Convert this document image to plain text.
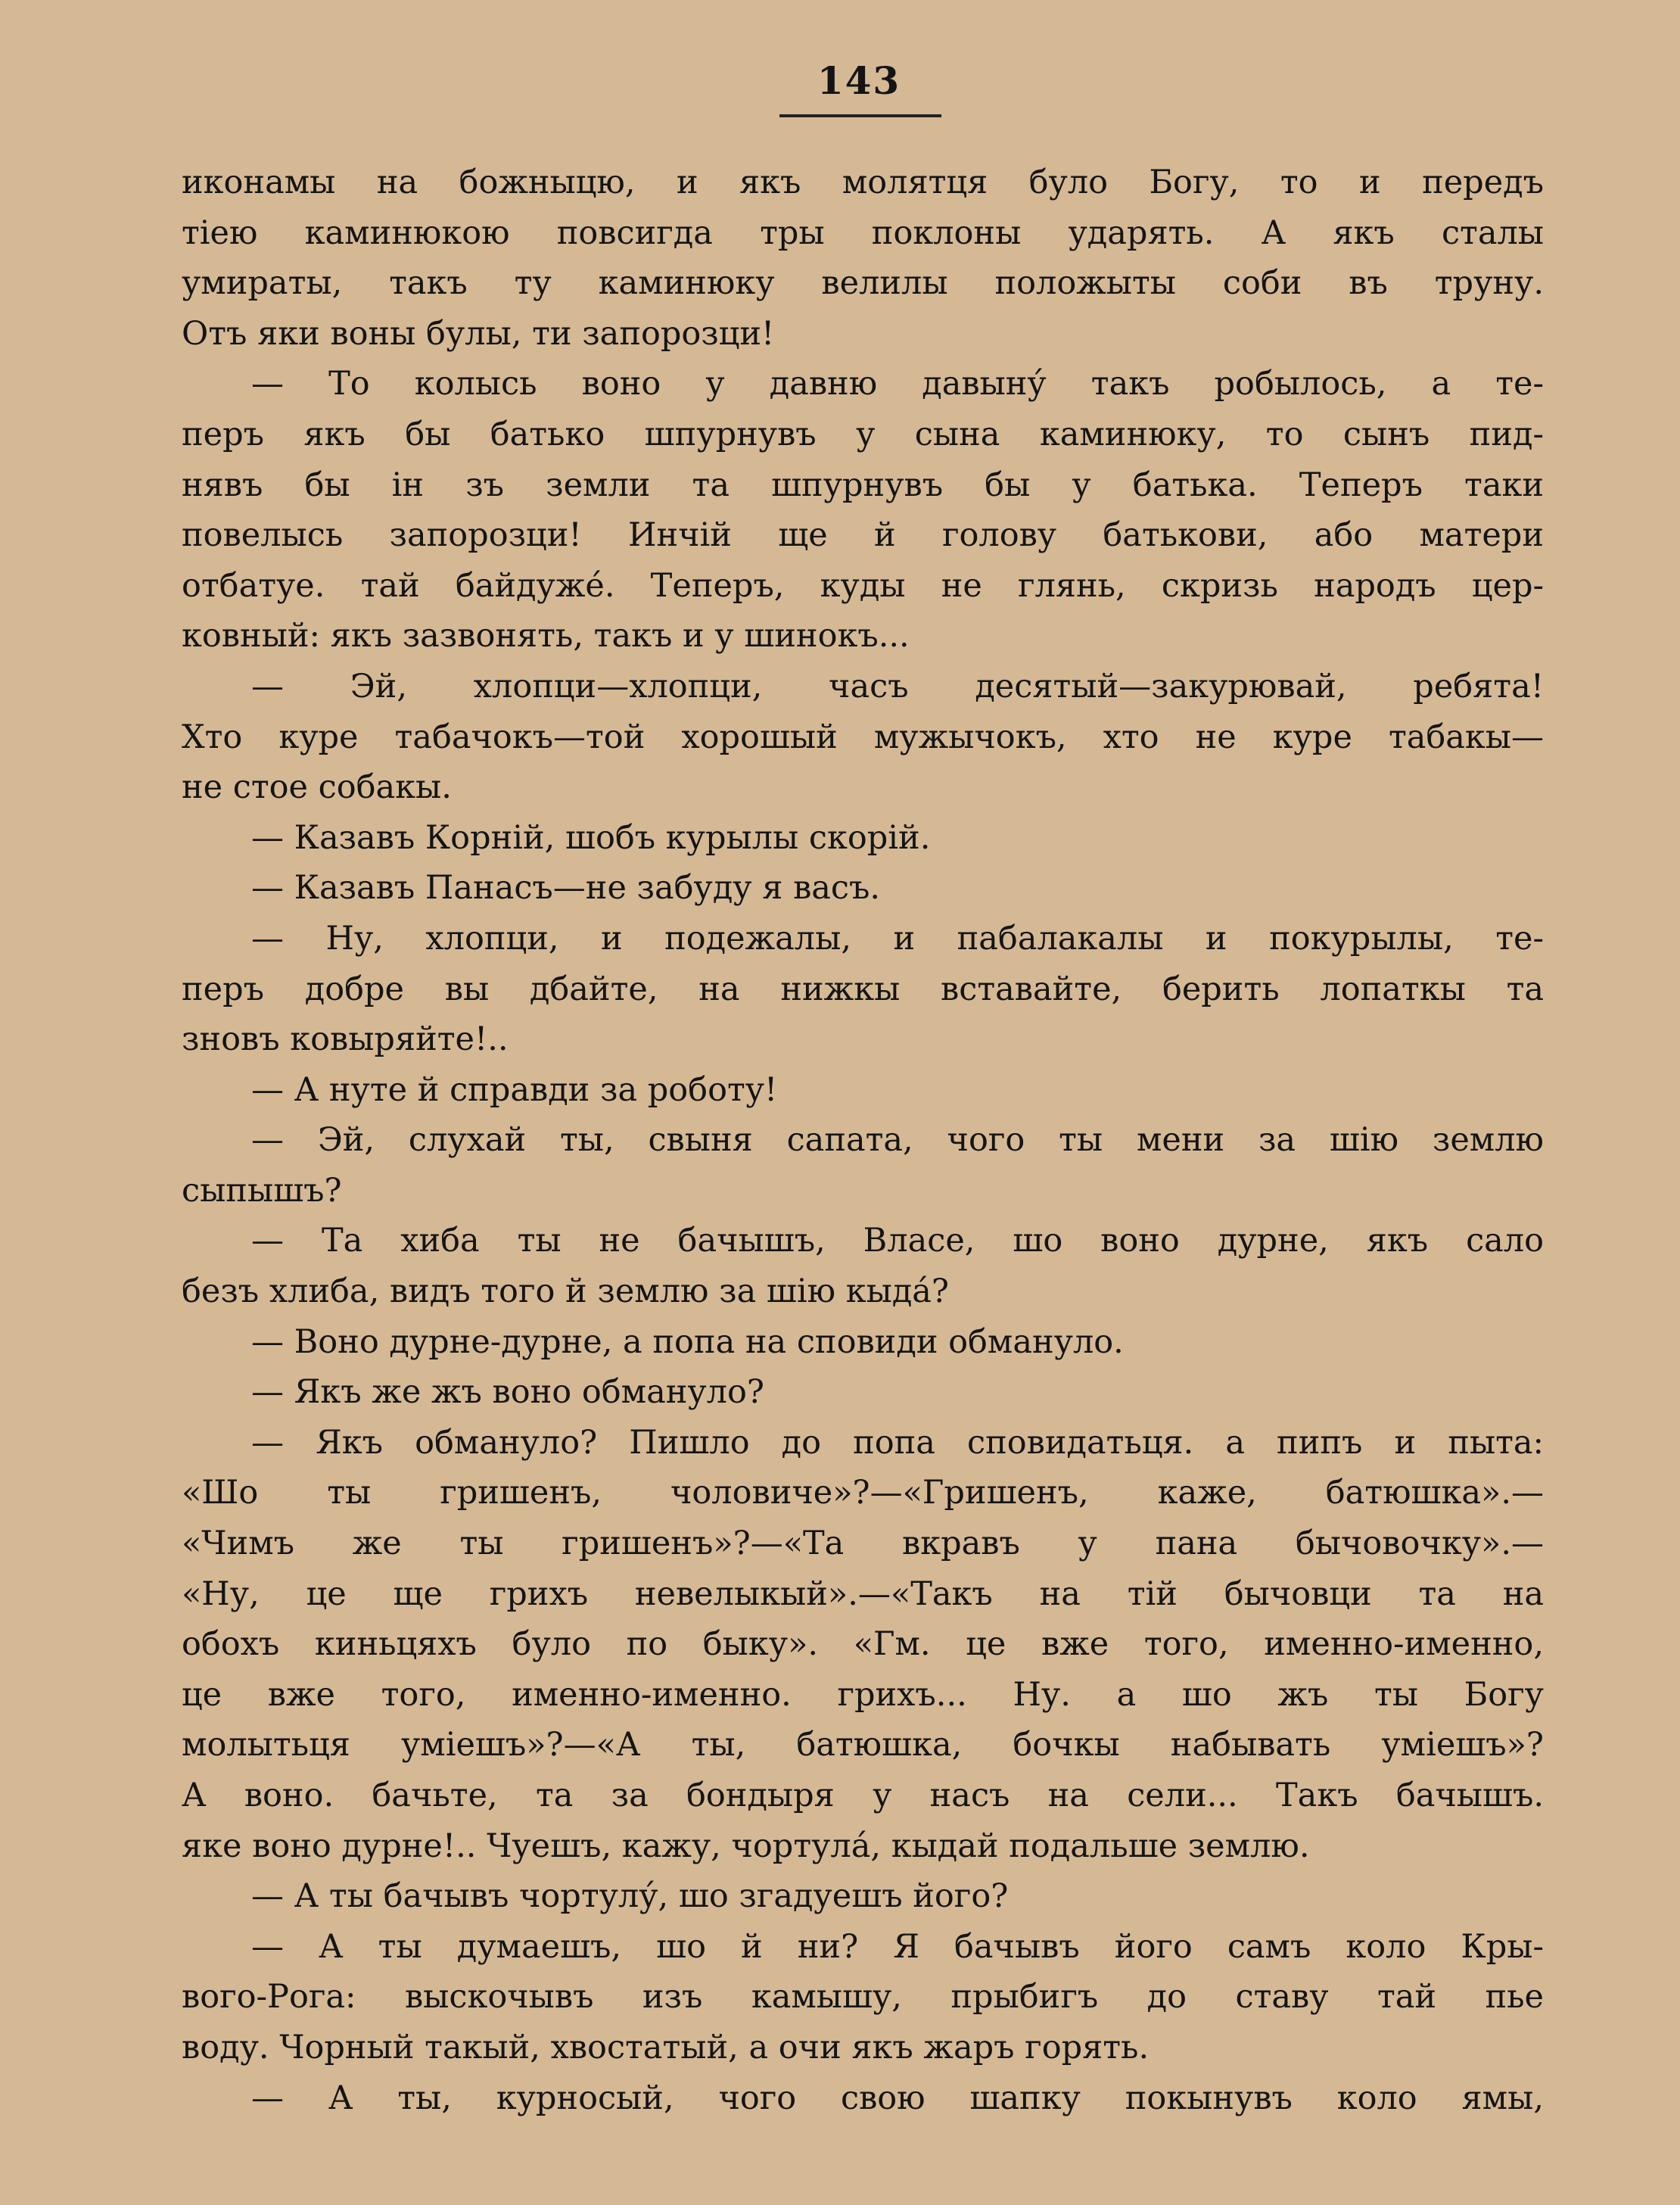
143
иконамы на божныцю, и якъ молятця було Богу, то и передъ
тіею каминюкою повсигда тры поклоны ударять. А якъ сталы
умираты, такъ ту каминюку велилы положыты соби въ труну.
Отъ яки воны булы, ти запорозци!
— То колысь воно у давню давыну́ такъ робылось, а те-
перъ якъ бы батько шпурнувъ у сына каминюку, то сынъ пид-
нявъ бы ін зъ земли та шпурнувъ бы у батька. Теперъ таки
повелысь запорозци! Инчій ще й голову батькови, або матери
отбатуе. тай байдуже́. Теперъ, куды не глянь, скризь народъ цер-
ковный: якъ зазвонять, такъ и у шинокъ...
— Эй, хлопци—хлопци, часъ десятый—закурювай, ребята!
Хто куре табачокъ—той хорошый мужычокъ, хто не куре табакы—
не стое собакы.
— Казавъ Корній, шобъ курылы скорій.
— Казавъ Панасъ—не забуду я васъ.
— Ну, хлопци, и подежалы, и пабалакалы и покурылы, те-
перъ добре вы дбайте, на нижкы вставайте, берить лопаткы та
зновъ ковыряйте!..
— А нуте й справди за роботу!
— Эй, слухай ты, свыня сапата, чого ты мени за шію землю
сыпышъ?
— Та хиба ты не бачышъ, Власе, шо воно дурне, якъ сало
безъ хлиба, видъ того й землю за шію кыда́?
— Воно дурне-дурне, а попа на сповиди обмануло.
— Якъ же жъ воно обмануло?
— Якъ обмануло? Пишло до попа сповидатьця. а пипъ и пыта:
«Шо ты гришенъ, чоловиче»?—«Гришенъ, каже, батюшка».—
«Чимъ же ты гришенъ»?—«Та вкравъ у пана бычовочку».—
«Ну, це ще грихъ невелыкый».—«Такъ на тій бычовци та на
обохъ киньцяхъ було по быку». «Гм. це вже того, именно-именно,
це вже того, именно-именно. грихъ... Ну. а шо жъ ты Богу
молытьця уміешъ»?—«А ты, батюшка, бочкы набывать уміешъ»?
А воно. бачьте, та за бондыря у насъ на сели... Такъ бачышъ.
яке воно дурне!.. Чуешъ, кажу, чортула́, кыдай подальше землю.
— А ты бачывъ чортулу́, шо згадуешъ його?
— А ты думаешъ, шо й ни? Я бачывъ його самъ коло Кры-
вого-Рога: выскочывъ изъ камышу, прыбигъ до ставу тай пье
воду. Чорный такый, хвостатый, а очи якъ жаръ горять.
— А ты, курносый, чого свою шапку покынувъ коло ямы,
